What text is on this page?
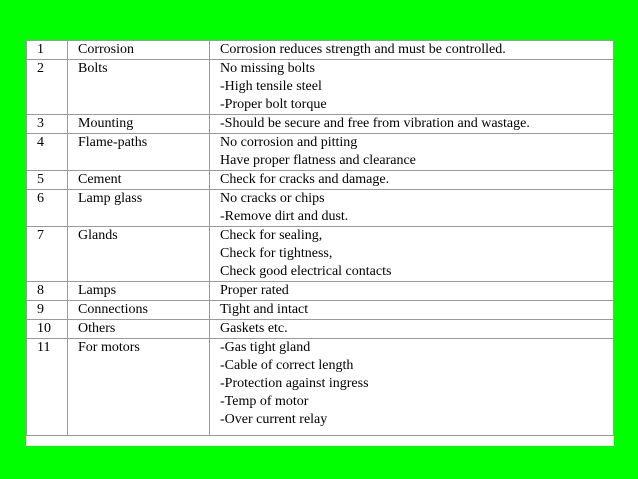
1	Corrosion	Corrosion reduces strength and must be controlled.

2	Bolts	No missing bolts
-High tensile steel
-Proper bolt torque

3	Mounting	-Should be secure and free from vibration and wastage.

4	Flame-paths	No corrosion and pitting
Have proper flatness and clearance

5	Cement	Check for cracks and damage.

6	Lamp glass	No cracks or chips
-Remove dirt and dust.

7	Glands	Check for sealing,
Check for tightness,
Check good electrical contacts

8	Lamps	Proper rated

9	Connections	Tight and intact

10	Others	Gaskets etc.

11	For motors	-Gas tight gland
-Cable of correct length
-Protection against ingress
-Temp of motor
-Over current relay
